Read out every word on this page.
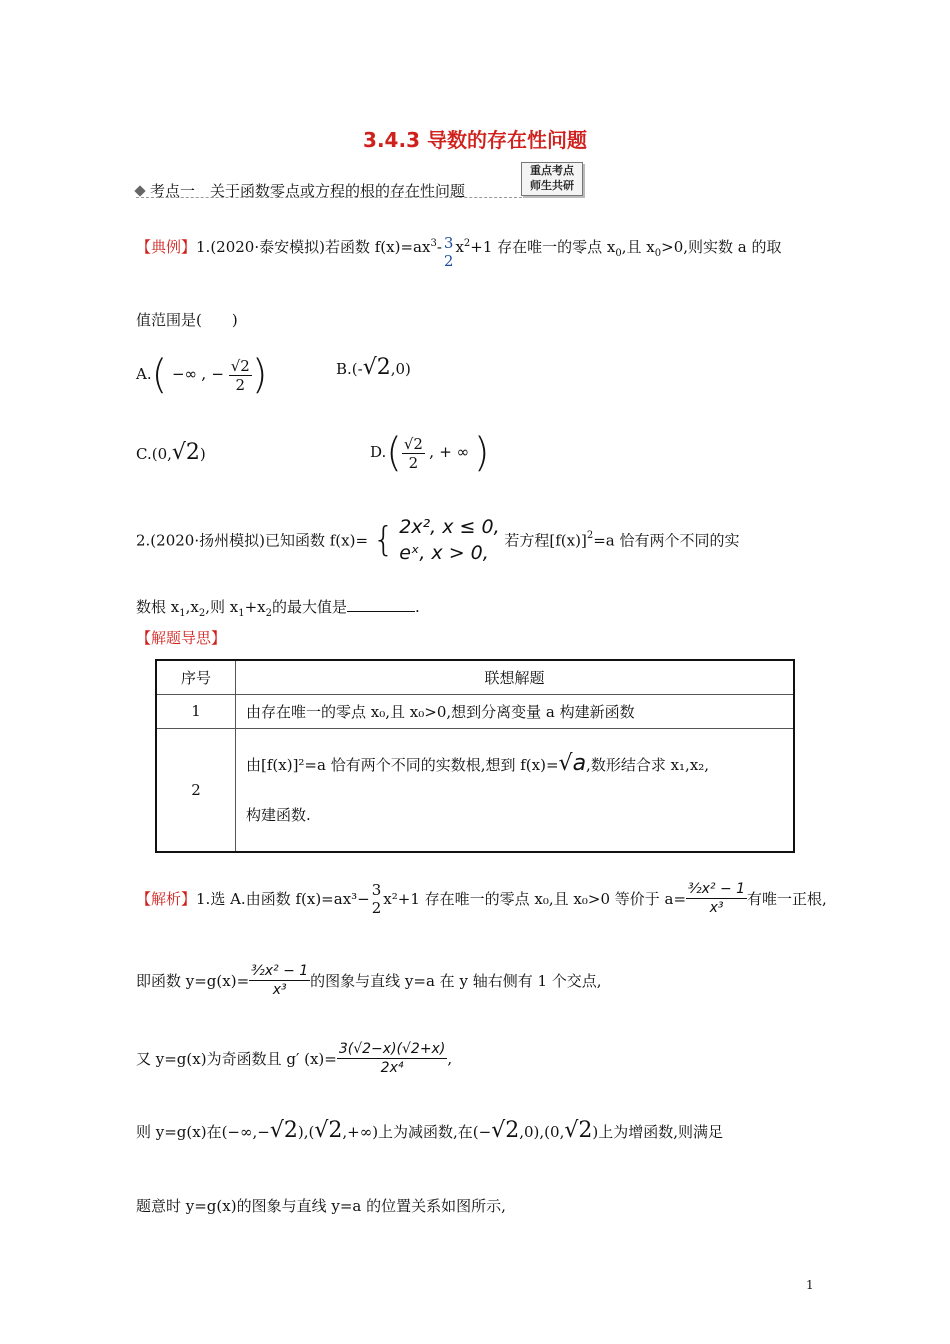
3.4.3 导数的存在性问题
考点一　关于函数零点或方程的根的存在性问题
重点考点
师生共研
【典例】1.(2020·泰安模拟)若函数 $f(x)=ax^3-$ 3
2
$x^2+1$ 存在唯一的零点 $x_0$,且 $x_0>0$,则实数 a 的取
值范围是(　　)
A.( −∞ , − $\frac{√2}{2}$ )	B.(-√2,0)
C.(0,√2)	$D.( \frac{√2}{2}$ , + ∞ )
2.(2020·扬州模拟)已知函数 f(x)= { 2x², x ≤ 0,
eˣ, x > 0,
若方程$[f(x)]^2=a$ 恰有两个不同的实
数根 $x_1,x_2$,则 $x_1+x_2$的最大值是	.
【解题导思】
序号	联想解题
1	由存在唯一的零点 x₀,且 x₀>0,想到分离变量 a 构建新函数
2	由[f(x)]²=a 恰有两个不同的实数根,想到 f(x)=√a,数形结合求 x₁,x₂,
构建函数.
【解析】1.选 A.由函数 f(x)=ax³−
3
2 x²+1 存在唯一的零点 x₀,且 x₀>0 等价于 $a= \frac{\text{³⁄₂x² − 1}}{\text{x³}}$ 有唯一正根,
即函数 $y=g(x)= \frac{\text{³⁄₂x² − 1}}{\text{x³}}$ 的图象与直线 y=a 在 y 轴右侧有 1 个交点,
又 y=g(x)为奇函数且 g′ $(x)= \frac{3(√2-x)(√2+x)}{\text{2x⁴}}$ ,
则 y=g(x)在(−∞,−√2),(√2,+∞)上为减函数,在(−√2,0),(0,√2)上为增函数,则满足
题意时 y=g(x)的图象与直线 y=a 的位置关系如图所示,
1
